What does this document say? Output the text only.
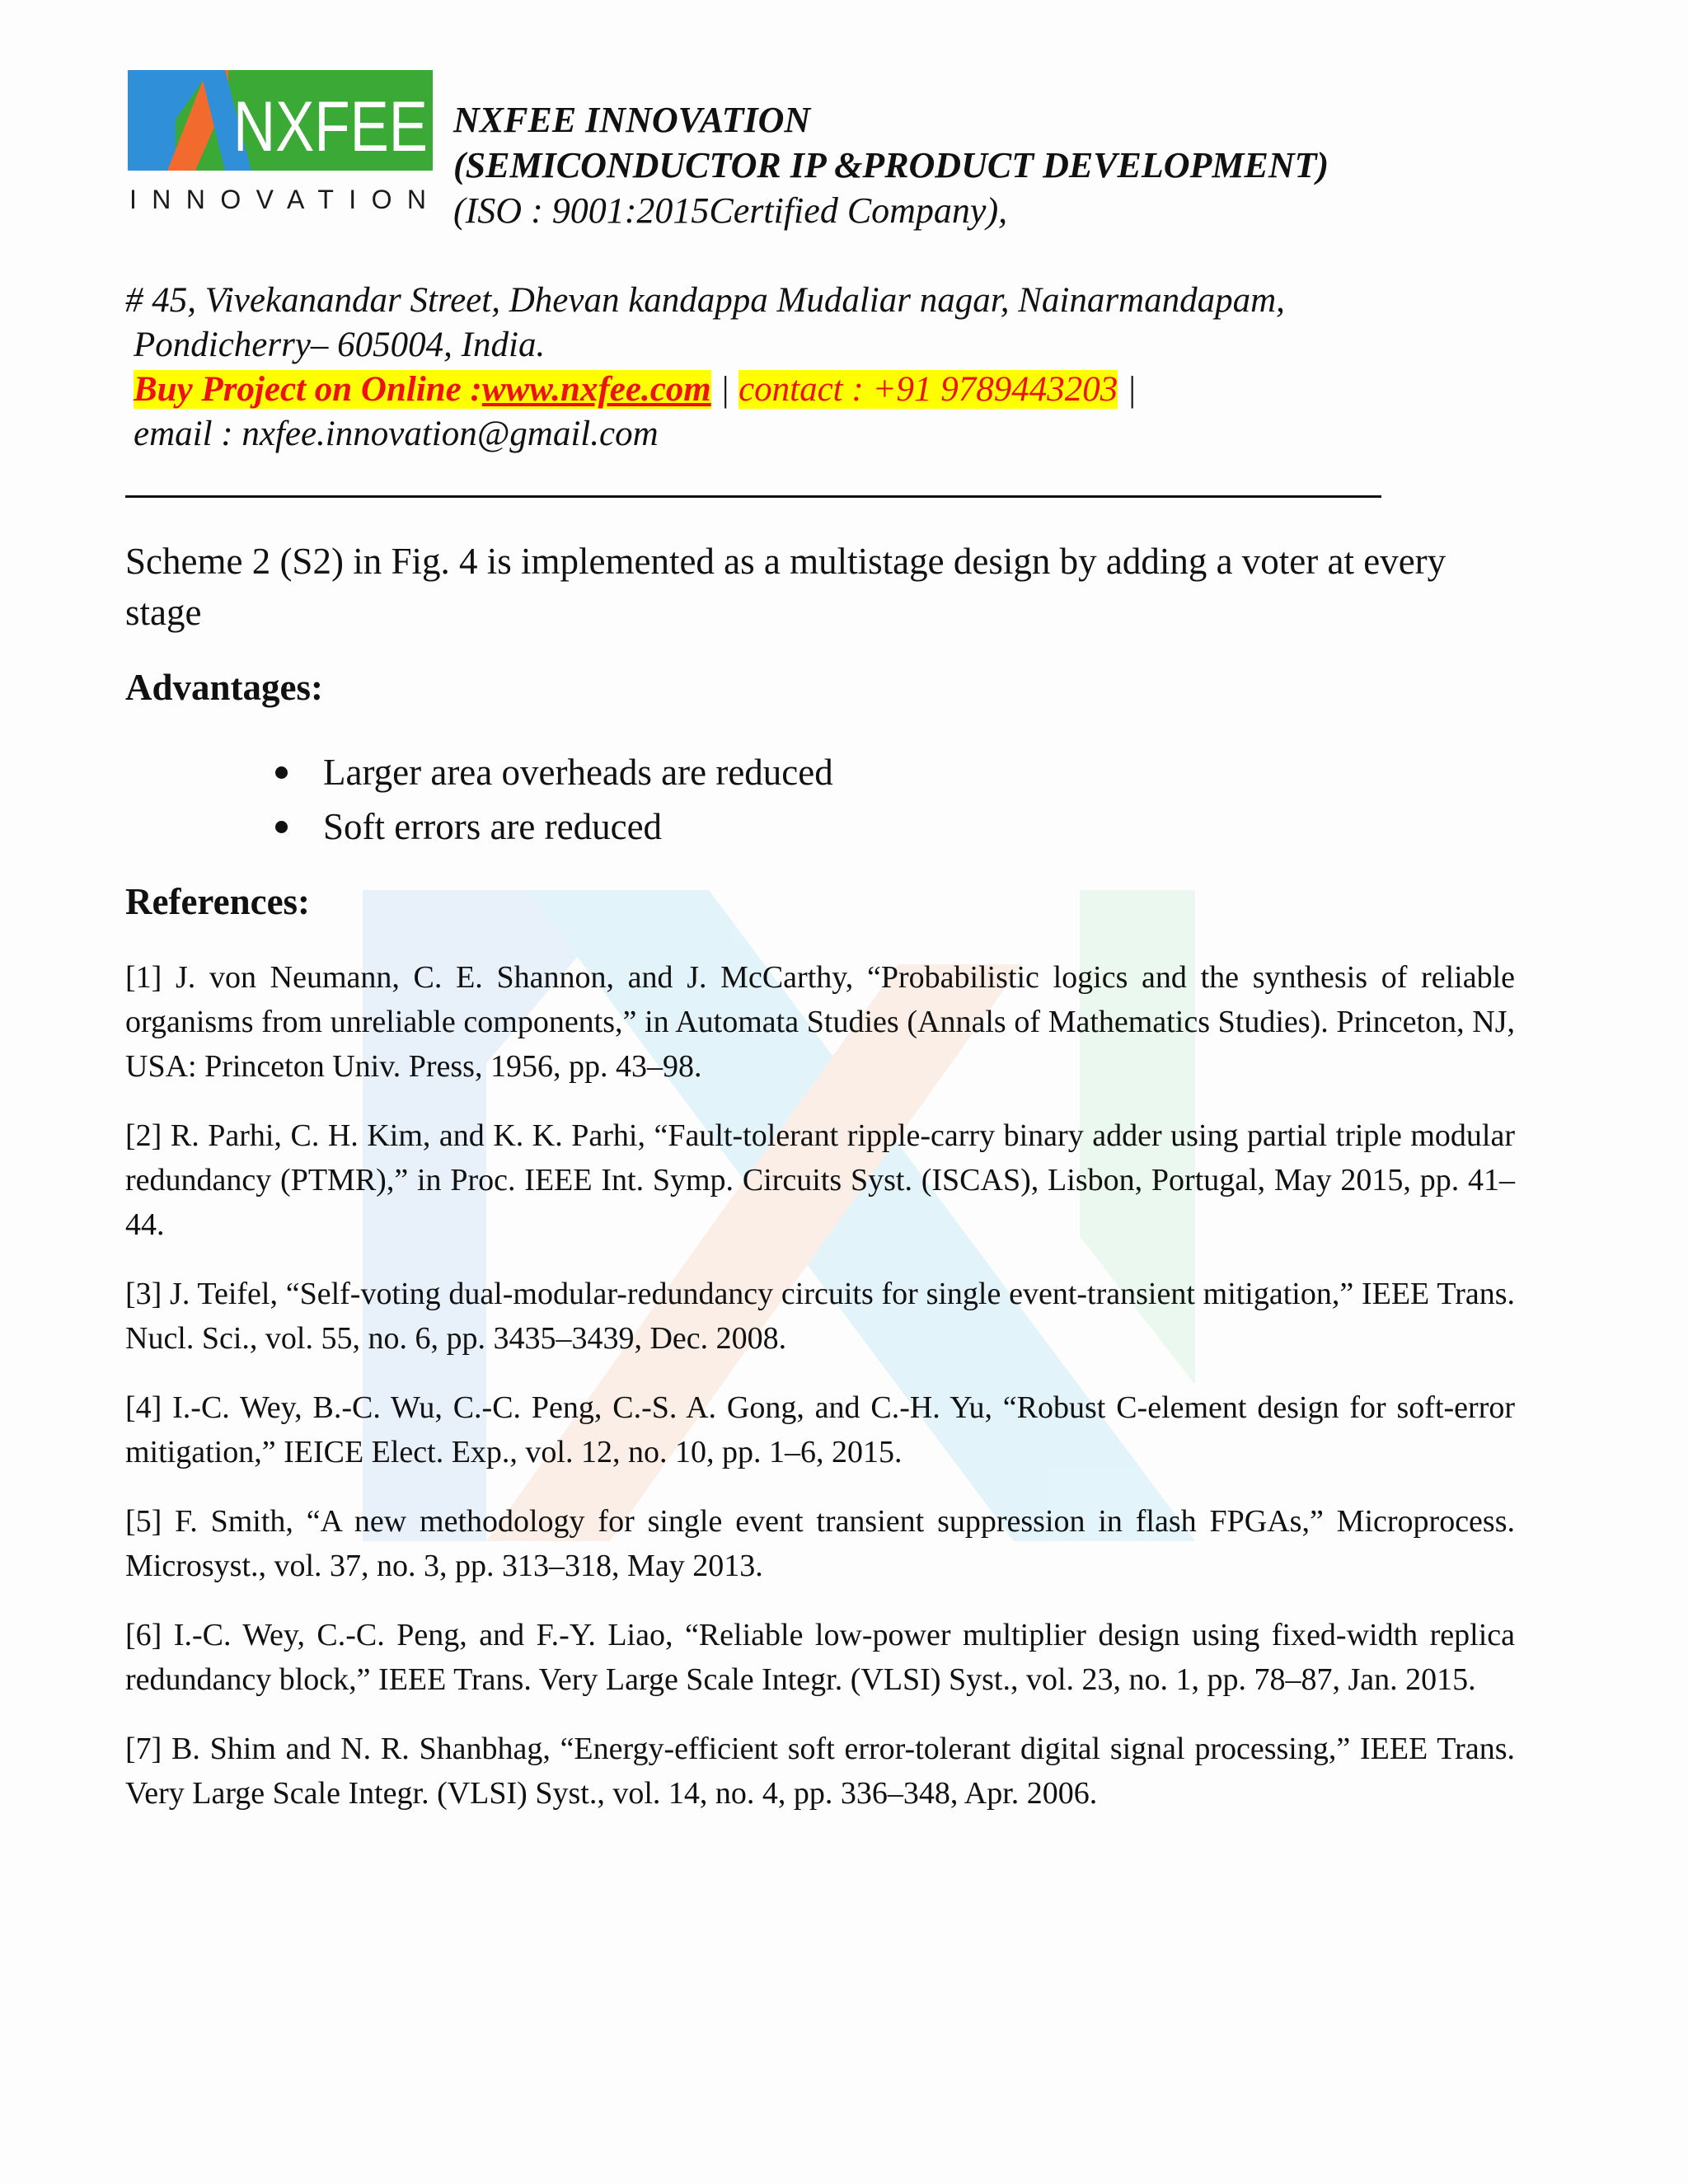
NXFEE
INNOVATION
NXFEE INNOVATION
(SEMICONDUCTOR IP &PRODUCT DEVELOPMENT)
(ISO : 9001:2015Certified Company),
# 45, Vivekanandar Street, Dhevan kandappa Mudaliar nagar, Nainarmandapam,
Pondicherry– 605004, India.
Buy Project on Online :www.nxfee.com | contact : +91 9789443203 |
email : nxfee.innovation@gmail.com
Scheme 2 (S2) in Fig. 4 is implemented as a multistage design by adding a voter at every stage
Advantages:
Larger area overheads are reduced
Soft errors are reduced
References:

[1] J. von Neumann, C. E. Shannon, and J. McCarthy, “Probabilistic logics and the synthesis of reliable organisms from unreliable components,” in Automata Studies (Annals of Mathematics Studies). Princeton, NJ, USA: Princeton Univ. Press, 1956, pp. 43–98.

[2] R. Parhi, C. H. Kim, and K. K. Parhi, “Fault-tolerant ripple-carry binary adder using partial triple modular redundancy (PTMR),” in Proc. IEEE Int. Symp. Circuits Syst. (ISCAS), Lisbon, Portugal, May 2015, pp. 41–44.

[3] J. Teifel, “Self-voting dual-modular-redundancy circuits for single event-transient mitigation,” IEEE Trans. Nucl. Sci., vol. 55, no. 6, pp. 3435–3439, Dec. 2008.

[4] I.-C. Wey, B.-C. Wu, C.-C. Peng, C.-S. A. Gong, and C.-H. Yu, “Robust C-element design for soft-error mitigation,” IEICE Elect. Exp., vol. 12, no. 10, pp. 1–6, 2015.

[5] F. Smith, “A new methodology for single event transient suppression in flash FPGAs,” Microprocess. Microsyst., vol. 37, no. 3, pp. 313–318, May 2013.

[6] I.-C. Wey, C.-C. Peng, and F.-Y. Liao, “Reliable low-power multiplier design using fixed-width replica redundancy block,” IEEE Trans. Very Large Scale Integr. (VLSI) Syst., vol. 23, no. 1, pp. 78–87, Jan. 2015.

[7] B. Shim and N. R. Shanbhag, “Energy-efficient soft error-tolerant digital signal processing,” IEEE Trans. Very Large Scale Integr. (VLSI) Syst., vol. 14, no. 4, pp. 336–348, Apr. 2006.
